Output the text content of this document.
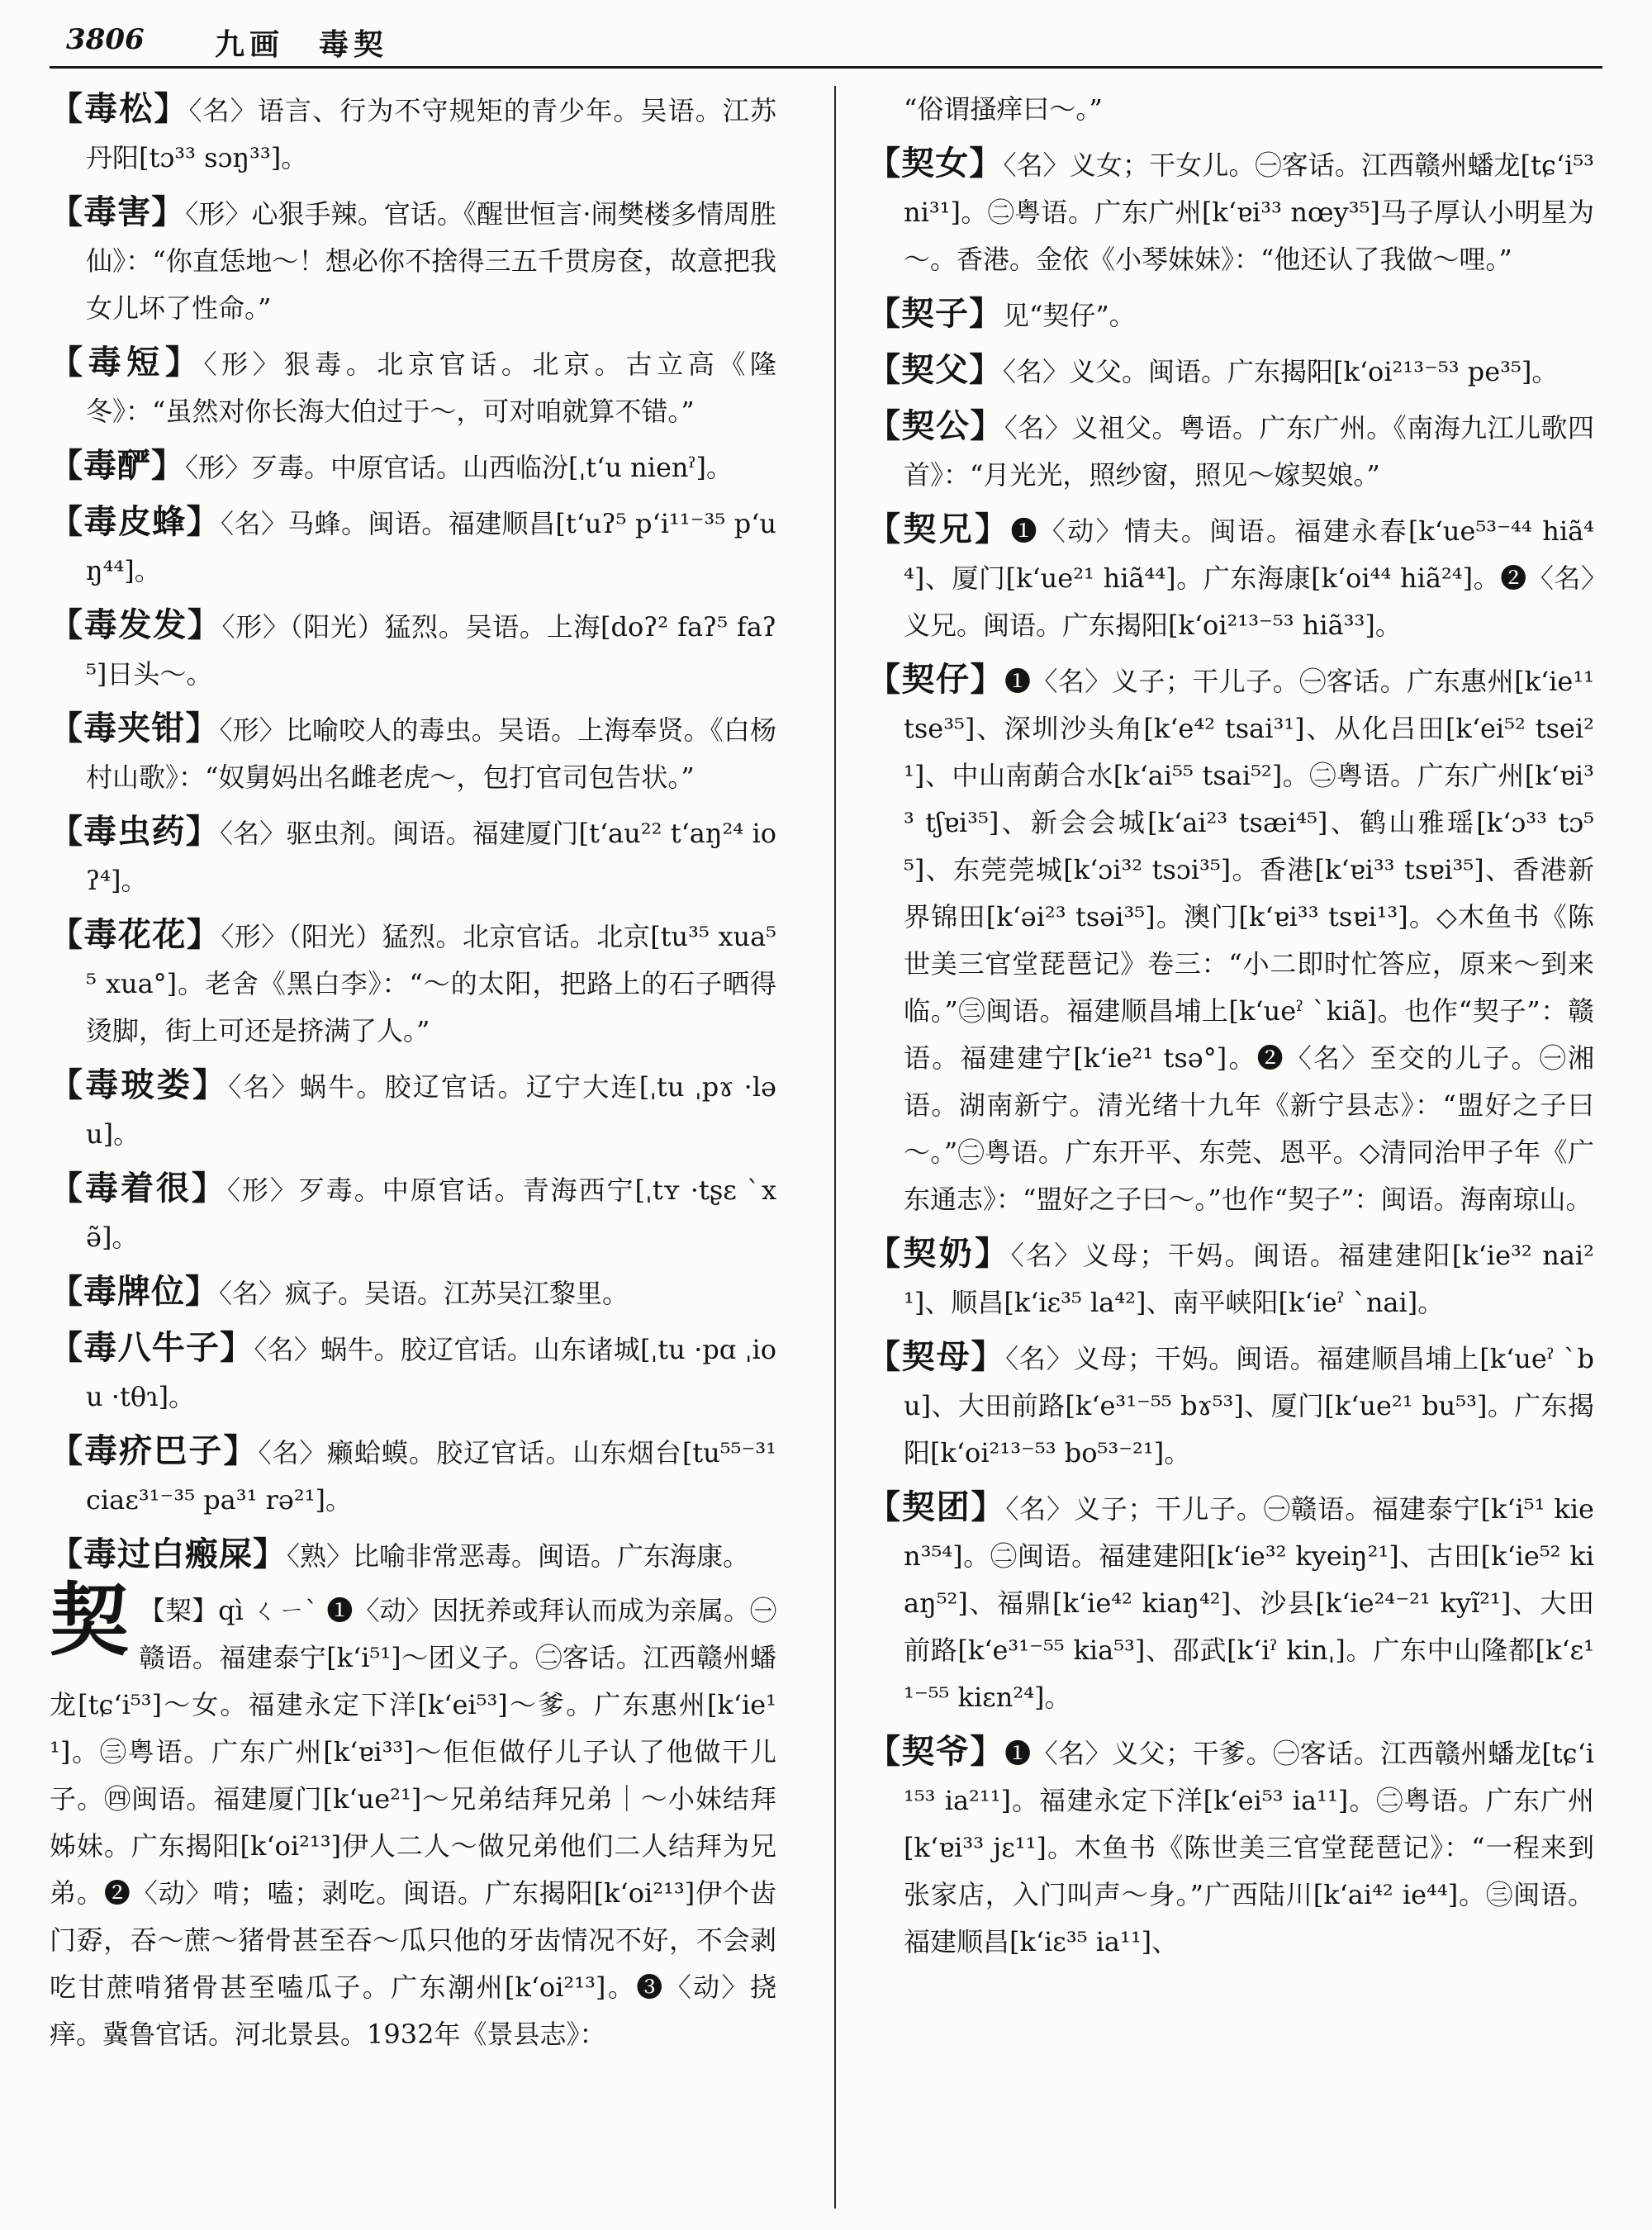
3806 九画　毒契

【毒松】〈名〉语言、行为不守规矩的青少年。吴语。江苏丹阳[tɔ³³ sɔŋ³³]。

【毒害】〈形〉心狠手辣。官话。《醒世恒言·闹樊楼多情周胜仙》：“你直恁地～！想必你不捨得三五千贯房奁，故意把我女儿坏了性命。”

【毒短】〈形〉狠毒。北京官话。北京。古立高《隆冬》：“虽然对你长海大伯过于～，可对咱就算不错。”

【毒酽】〈形〉歹毒。中原官话。山西临汾[ˌtʻu nienˀ]。

【毒皮蜂】〈名〉马蜂。闽语。福建顺昌[tʻuʔ⁵ pʻi¹¹⁻³⁵ pʻuŋ⁴⁴]。

【毒发发】〈形〉（阳光）猛烈。吴语。上海[doʔ² faʔ⁵ faʔ⁵]日头～。

【毒夹钳】〈形〉比喻咬人的毒虫。吴语。上海奉贤。《白杨村山歌》：“奴舅妈出名雌老虎～，包打官司包告状。”

【毒虫药】〈名〉驱虫剂。闽语。福建厦门[tʻau²² tʻaŋ²⁴ ioʔ⁴]。

【毒花花】〈形〉（阳光）猛烈。北京官话。北京[tu³⁵ xua⁵⁵ xua°]。老舍《黑白李》：“～的太阳，把路上的石子晒得烫脚，街上可还是挤满了人。”

【毒玻娄】〈名〉蜗牛。胶辽官话。辽宁大连[ˌtu ˌpɤ ·ləu]。

【毒着很】〈形〉歹毒。中原官话。青海西宁[ˌtʏ ·tʂɛ ˋxə̃]。

【毒牌位】〈名〉疯子。吴语。江苏吴江黎里。

【毒八牛子】〈名〉蜗牛。胶辽官话。山东诸城[ˌtu ·pɑ ˌiou ·tθɿ]。

【毒疥巴子】〈名〉癞蛤蟆。胶辽官话。山东烟台[tu⁵⁵⁻³¹ ciaɛ³¹⁻³⁵ pa³¹ rə²¹]。

【毒过白瘢屎】〈熟〉比喻非常恶毒。闽语。广东海康。

契 【栔】qì ㄑㄧˋ ❶〈动〉因抚养或拜认而成为亲属。㊀赣语。福建泰宁[kʻi⁵¹]～团义子。㊁客话。江西赣州蟠龙[tɕʻi⁵³]～女。福建永定下洋[kʻei⁵³]～爹。广东惠州[kʻie¹¹]。㊂粤语。广东广州[kʻɐi³³]～佢佢做仔儿子认了他做干儿子。㊃闽语。福建厦门[kʻue²¹]～兄弟结拜兄弟｜～小妹结拜姊妹。广东揭阳[kʻoi²¹³]伊人二人～做兄弟他们二人结拜为兄弟。❷〈动〉啃；嗑；剥吃。闽语。广东揭阳[kʻoi²¹³]伊个齿门孬，吞～蔗～猪骨甚至吞～瓜只他的牙齿情况不好，不会剥吃甘蔗啃猪骨甚至嗑瓜子。广东潮州[kʻoi²¹³]。❸〈动〉挠痒。冀鲁官话。河北景县。1932年《景县志》：

“俗谓搔痒曰～。”

【契女】〈名〉义女；干女儿。㊀客话。江西赣州蟠龙[tɕʻi⁵³ ni³¹]。㊁粤语。广东广州[kʻɐi³³ nœy³⁵]马子厚认小明星为～。香港。金依《小琴妹妹》：“他还认了我做～哩。”

【契子】见“契仔”。

【契父】〈名〉义父。闽语。广东揭阳[kʻoi²¹³⁻⁵³ pe³⁵]。

【契公】〈名〉义祖父。粤语。广东广州。《南海九江儿歌四首》：“月光光，照纱窗，照见～嫁契娘。”

【契兄】❶〈动〉情夫。闽语。福建永春[kʻue⁵³⁻⁴⁴ hiã⁴⁴]、厦门[kʻue²¹ hiã⁴⁴]。广东海康[kʻoi⁴⁴ hiã²⁴]。❷〈名〉义兄。闽语。广东揭阳[kʻoi²¹³⁻⁵³ hiã³³]。

【契仔】❶〈名〉义子；干儿子。㊀客话。广东惠州[kʻie¹¹ tse³⁵]、深圳沙头角[kʻe⁴² tsai³¹]、从化吕田[kʻei⁵² tsei²¹]、中山南蓢合水[kʻai⁵⁵ tsai⁵²]。㊁粤语。广东广州[kʻɐi³³ tʃɐi³⁵]、新会会城[kʻai²³ tsæi⁴⁵]、鹤山雅瑶[kʻɔ³³ tɔ⁵⁵]、东莞莞城[kʻɔi³² tsɔi³⁵]。香港[kʻɐi³³ tsɐi³⁵]、香港新界锦田[kʻəi²³ tsəi³⁵]。澳门[kʻɐi³³ tsɐi¹³]。◇木鱼书《陈世美三官堂琵琶记》卷三：“小二即时忙答应，原来～到来临。”㊂闽语。福建顺昌埔上[kʻueˀ ˋkiã]。也作“契子”：赣语。福建建宁[kʻie²¹ tsə°]。❷〈名〉至交的儿子。㊀湘语。湖南新宁。清光绪十九年《新宁县志》：“盟好之子曰～。”㊁粤语。广东开平、东莞、恩平。◇清同治甲子年《广东通志》：“盟好之子曰～。”也作“契子”：闽语。海南琼山。

【契奶】〈名〉义母；干妈。闽语。福建建阳[kʻie³² nai²¹]、顺昌[kʻiɛ³⁵ la⁴²]、南平峡阳[kʻieˀ ˋnai]。

【契母】〈名〉义母；干妈。闽语。福建顺昌埔上[kʻueˀ ˋbu]、大田前路[kʻe³¹⁻⁵⁵ bɤ⁵³]、厦门[kʻue²¹ bu⁵³]。广东揭阳[kʻoi²¹³⁻⁵³ bo⁵³⁻²¹]。

【契团】〈名〉义子；干儿子。㊀赣语。福建泰宁[kʻi⁵¹ kien³⁵⁴]。㊁闽语。福建建阳[kʻie³² kyeiŋ²¹]、古田[kʻie⁵² kiaŋ⁵²]、福鼎[kʻie⁴² kiaŋ⁴²]、沙县[kʻie²⁴⁻²¹ kyĩ²¹]、大田前路[kʻe³¹⁻⁵⁵ kia⁵³]、邵武[kʻiˀ kinˌ]。广东中山隆都[kʻɛ¹¹⁻⁵⁵ kiɛn²⁴]。

【契爷】❶〈名〉义父；干爹。㊀客话。江西赣州蟠龙[tɕʻi¹⁵³ ia²¹¹]。福建永定下洋[kʻei⁵³ ia¹¹]。㊁粤语。广东广州[kʻɐi³³ jɛ¹¹]。木鱼书《陈世美三官堂琵琶记》：“一程来到张家店，入门叫声～身。”广西陆川[kʻai⁴² ie⁴⁴]。㊂闽语。福建顺昌[kʻiɛ³⁵ ia¹¹]、
